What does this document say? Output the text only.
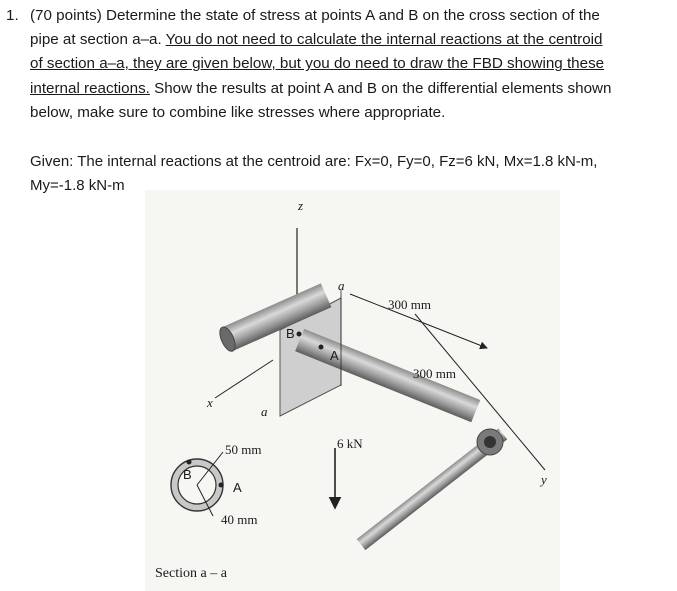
1. (70 points) Determine the state of stress at points A and B on the cross section of the
pipe at section a–a. You do not need to calculate the internal reactions at the centroid
of section a–a, they are given below, but you do need to draw the FBD showing these
internal reactions. Show the results at point A and B on the differential elements shown
below, make sure to combine like stresses where appropriate.
Given: The internal reactions at the centroid are: Fx=0, Fy=0, Fz=6 kN, Mx=1.8 kN-m,
My=-1.8 kN-m
z
x
y
a
a
B
A
300 mm
300 mm
6 kN
50 mm
40 mm
B
A
Section a – a
